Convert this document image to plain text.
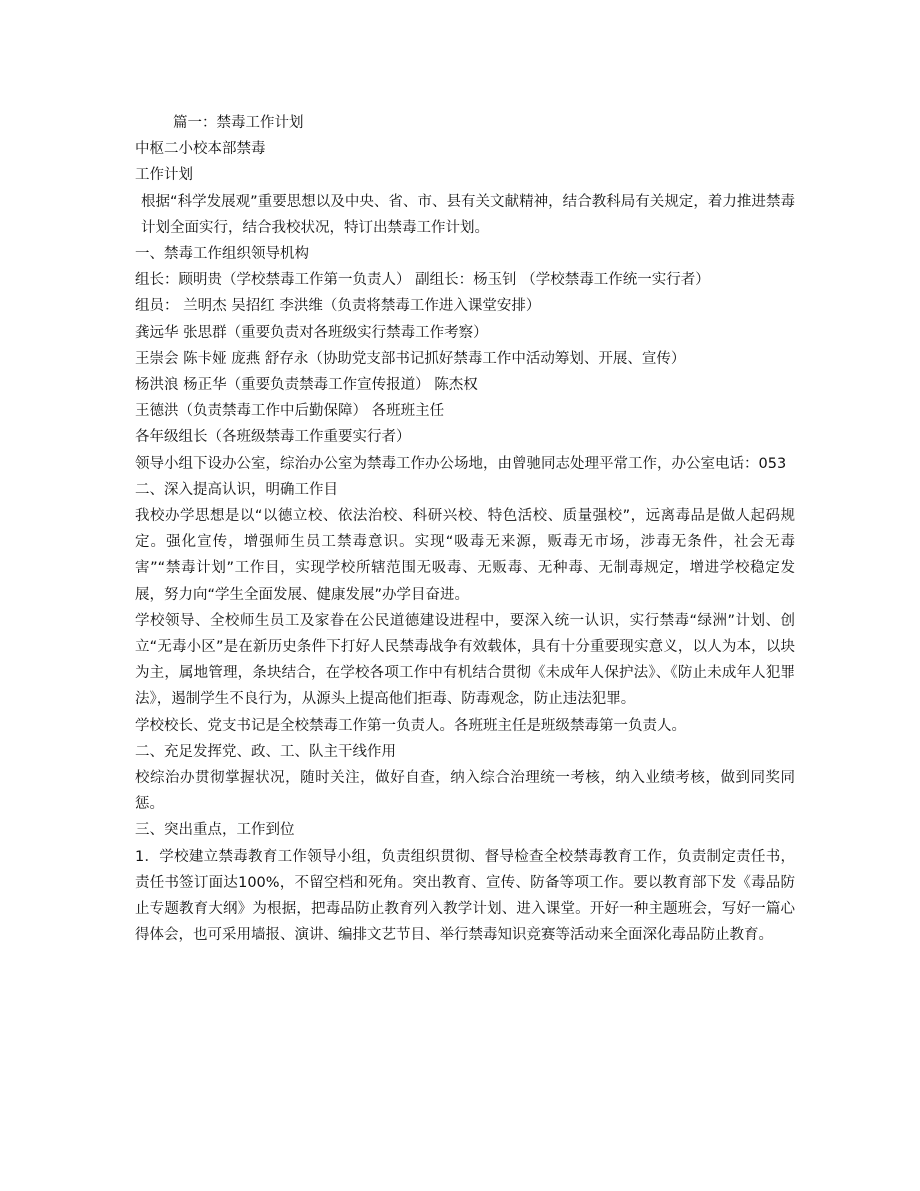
篇一：禁毒工作计划

中枢二小校本部禁毒

工作计划

根据“科学发展观”重要思想以及中央、省、市、县有关文献精神，结合教科局有关规定，着力推进禁毒计划全面实行，结合我校状况，特订出禁毒工作计划。

一、禁毒工作组织领导机构

组长：顾明贵（学校禁毒工作第一负责人） 副组长：杨玉钊 （学校禁毒工作统一实行者）

组员： 兰明杰 吴招红 李洪维（负责将禁毒工作进入课堂安排）

龚远华 张思群（重要负责对各班级实行禁毒工作考察）

王崇会 陈卡娅 庞燕 舒存永（协助党支部书记抓好禁毒工作中活动筹划、开展、宣传）

杨洪浪 杨正华（重要负责禁毒工作宣传报道） 陈杰权

王德洪（负责禁毒工作中后勤保障） 各班班主任

各年级组长（各班级禁毒工作重要实行者）

领导小组下设办公室，综治办公室为禁毒工作办公场地，由曾驰同志处理平常工作，办公室电话：053

二、深入提高认识，明确工作目

我校办学思想是以“以德立校、依法治校、科研兴校、特色活校、质量强校”，远离毒品是做人起码规定。强化宣传，增强师生员工禁毒意识。实现“吸毒无来源，贩毒无市场，涉毒无条件，社会无毒害”“禁毒计划”工作目，实现学校所辖范围无吸毒、无贩毒、无种毒、无制毒规定，增进学校稳定发展，努力向“学生全面发展、健康发展”办学目奋进。

学校领导、全校师生员工及家眷在公民道德建设进程中，要深入统一认识，实行禁毒“绿洲”计划、创立“无毒小区”是在新历史条件下打好人民禁毒战争有效载体，具有十分重要现实意义，以人为本，以块为主，属地管理，条块结合，在学校各项工作中有机结合贯彻《未成年人保护法》、《防止未成年人犯罪法》，遏制学生不良行为，从源头上提高他们拒毒、防毒观念，防止违法犯罪。

学校校长、党支书记是全校禁毒工作第一负责人。各班班主任是班级禁毒第一负责人。

二、充足发挥党、政、工、队主干线作用

校综治办贯彻掌握状况，随时关注，做好自查，纳入综合治理统一考核，纳入业绩考核，做到同奖同惩。

三、突出重点，工作到位

1．学校建立禁毒教育工作领导小组，负责组织贯彻、督导检查全校禁毒教育工作，负责制定责任书，责任书签订面达100%，不留空档和死角。突出教育、宣传、防备等项工作。要以教育部下发《毒品防止专题教育大纲》为根据，把毒品防止教育列入教学计划、进入课堂。开好一种主题班会，写好一篇心得体会，也可采用墙报、演讲、编排文艺节目、举行禁毒知识竞赛等活动来全面深化毒品防止教育。
